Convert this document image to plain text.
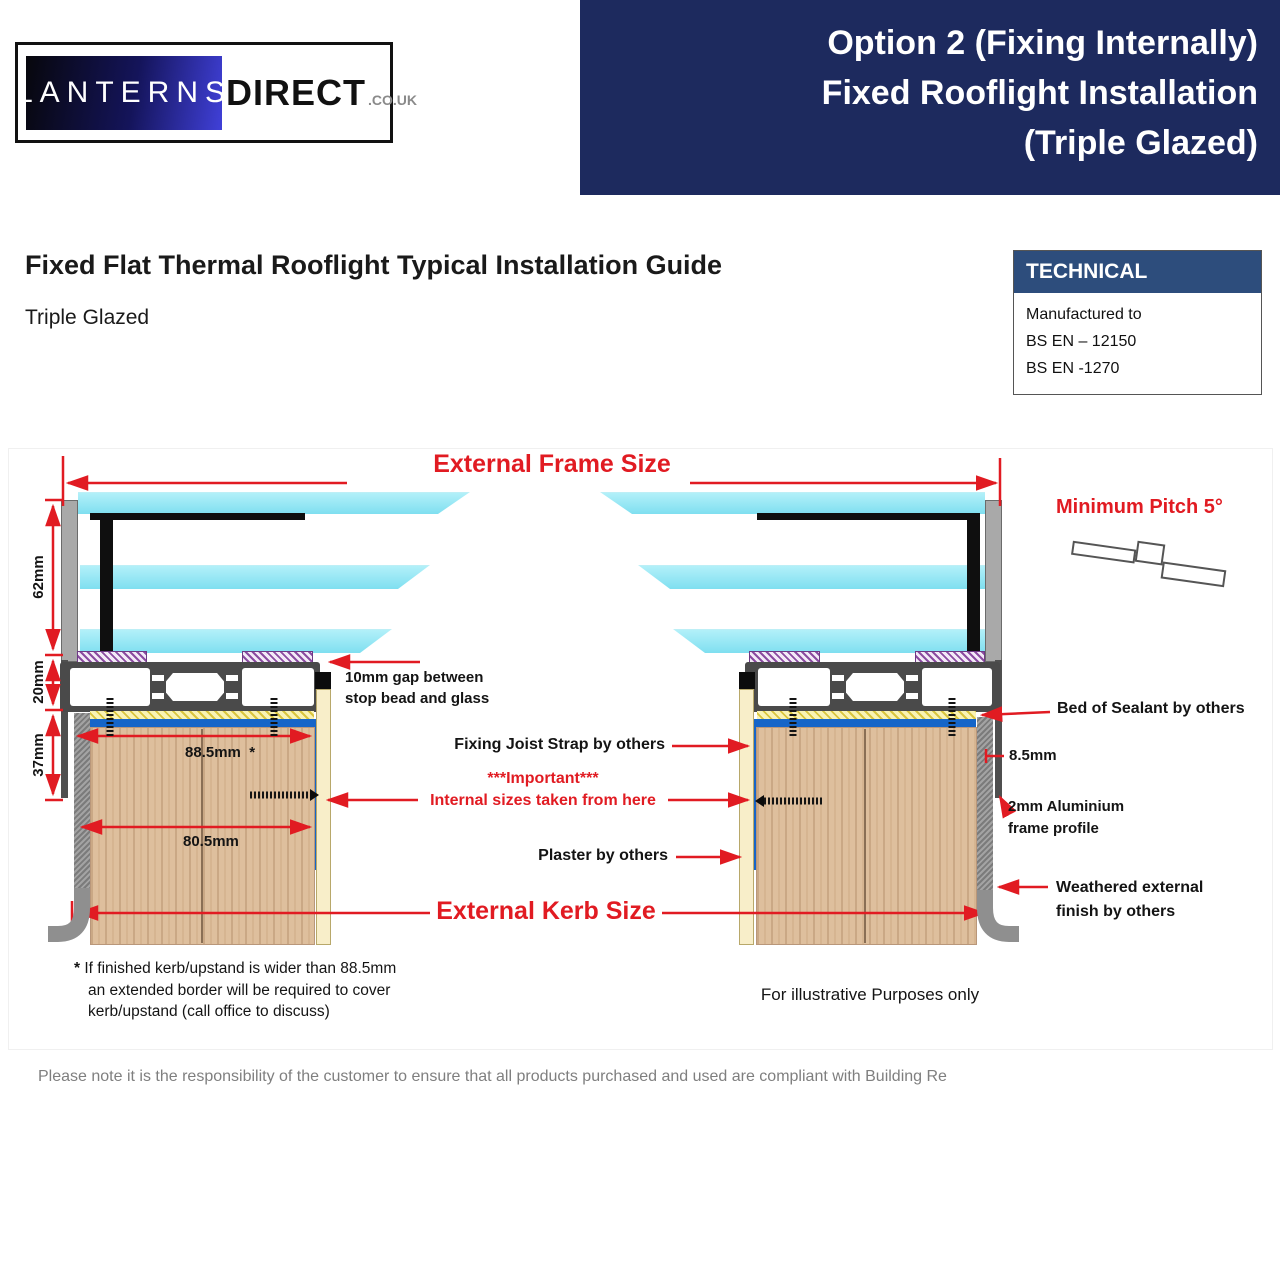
LANTERNS
DIRECT .CO.UK
Option 2 (Fixing Internally)
Fixed Rooflight Installation
(Triple Glazed)
Fixed Flat Thermal Rooflight Typical Installation Guide
Triple Glazed
TECHNICAL
Manufactured to
BS EN – 12150
BS EN -1270
External Frame Size
External Kerb Size
Minimum Pitch 5°
62mm
20mm
37mm	88.5mm *
80.5mm
8.5mm
10mm gap between
stop bead and glass
Fixing Joist Strap by others
***Important***
Internal sizes taken from here
Plaster by others
Bed of Sealant by others
2mm Aluminium
frame profile
Weathered external
finish by others
* If finished kerb/upstand is wider than 88.5mm
an extended border will be required to cover
kerb/upstand (call office to discuss)
For illustrative Purposes only
Please note it is the responsibility of the customer to ensure that all products purchased and used are compliant with Building Re
